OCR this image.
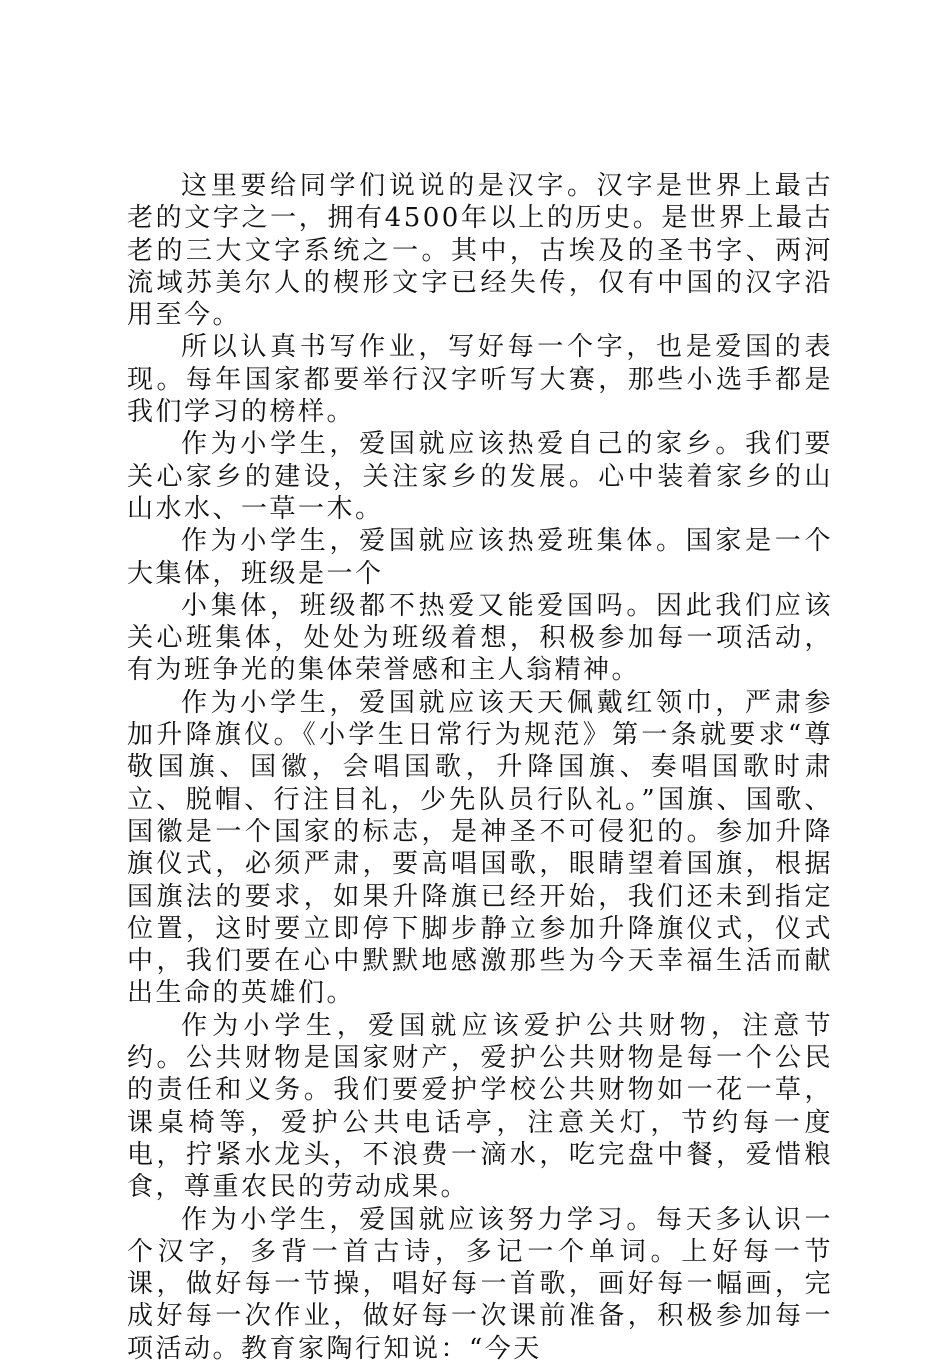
这里要给同学们说说的是汉字。汉字是世界上最古老的文字之一，拥有4500年以上的历史。是世界上最古老的三大文字系统之一。其中，古埃及的圣书字、两河流域苏美尔人的楔形文字已经失传，仅有中国的汉字沿用至今。

所以认真书写作业，写好每一个字，也是爱国的表现。每年国家都要举行汉字听写大赛，那些小选手都是我们学习的榜样。

作为小学生，爱国就应该热爱自己的家乡。我们要关心家乡的建设，关注家乡的发展。心中装着家乡的山山水水、一草一木。

作为小学生，爱国就应该热爱班集体。国家是一个大集体，班级是一个

小集体，班级都不热爱又能爱国吗。因此我们应该关心班集体，处处为班级着想，积极参加每一项活动，有为班争光的集体荣誉感和主人翁精神。

作为小学生，爱国就应该天天佩戴红领巾，严肃参加升降旗仪。《小学生日常行为规范》第一条就要求“尊敬国旗、国徽，会唱国歌，升降国旗、奏唱国歌时肃立、脱帽、行注目礼，少先队员行队礼。”国旗、国歌、国徽是一个国家的标志，是神圣不可侵犯的。参加升降旗仪式，必须严肃，要高唱国歌，眼睛望着国旗，根据国旗法的要求，如果升降旗已经开始，我们还未到指定位置，这时要立即停下脚步静立参加升降旗仪式，仪式中，我们要在心中默默地感激那些为今天幸福生活而献出生命的英雄们。

作为小学生，爱国就应该爱护公共财物，注意节约。公共财物是国家财产，爱护公共财物是每一个公民的责任和义务。我们要爱护学校公共财物如一花一草，课桌椅等，爱护公共电话亭，注意关灯，节约每一度电，拧紧水龙头，不浪费一滴水，吃完盘中餐，爱惜粮食，尊重农民的劳动成果。

作为小学生，爱国就应该努力学习。每天多认识一个汉字，多背一首古诗，多记一个单词。上好每一节课，做好每一节操，唱好每一首歌，画好每一幅画，完成好每一次作业，做好每一次课前准备，积极参加每一项活动。教育家陶行知说：“今天
